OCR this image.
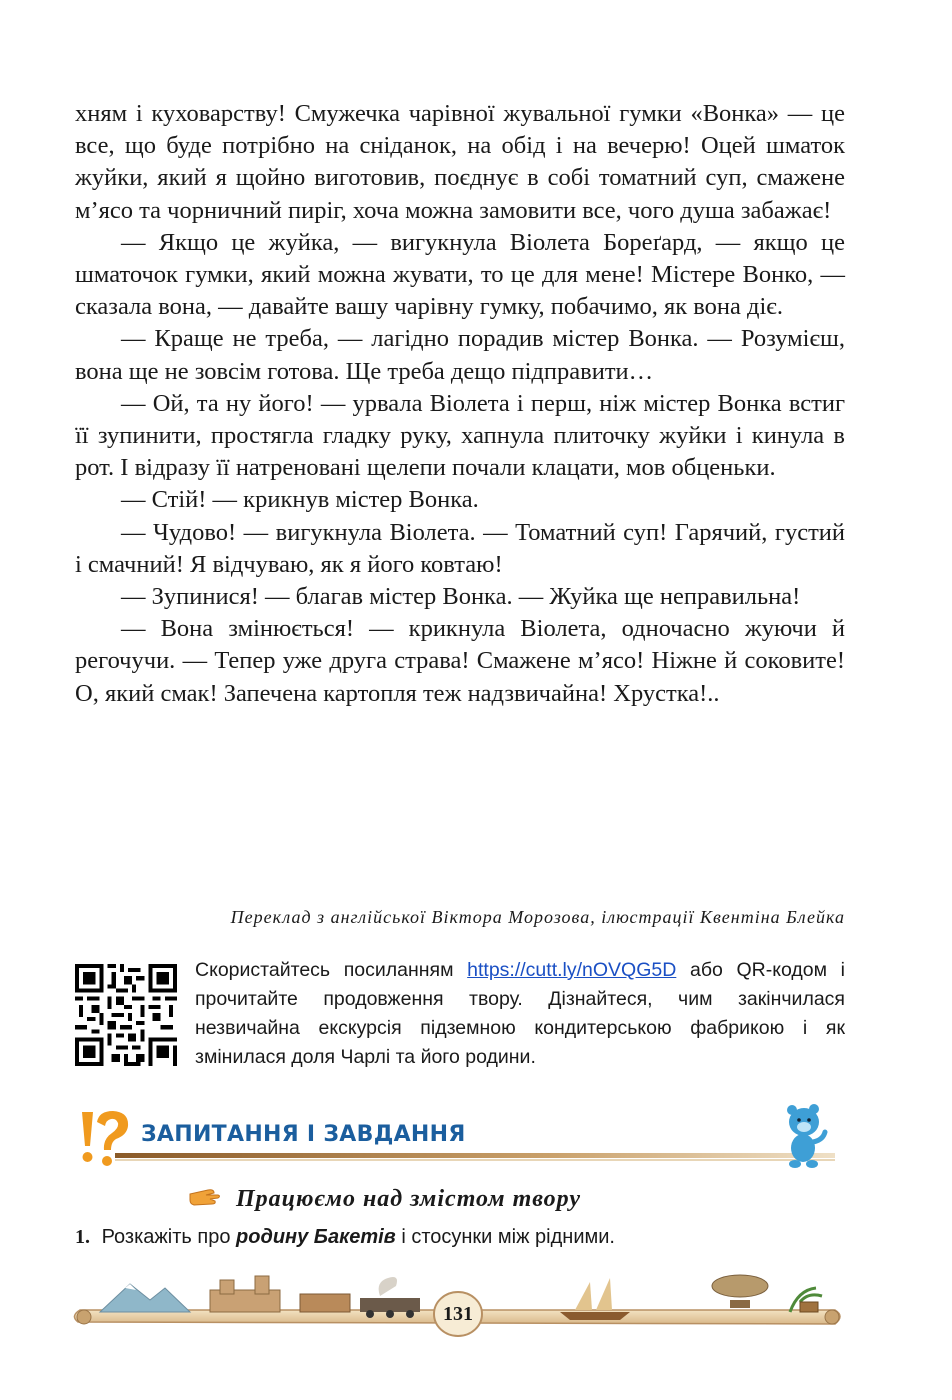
хням і куховарству! Смужечка чарівної жувальної гумки «Вонка» — це все, що буде потрібно на сніданок, на обід і на вечерю! Оцей шматок жуйки, який я щойно виготовив, поєднує в собі томатний суп, смажене м’ясо та чорничний пиріг, хоча можна замовити все, чого душа забажає!

— Якщо це жуйка, — вигукнула Віолета Бореґард, — якщо це шматочок гумки, який можна жувати, то це для мене! Містере Вонко, — сказала вона, — давайте вашу чарівну гумку, побачимо, як вона діє.

— Краще не треба, — лагідно порадив містер Вонка. — Розумієш, вона ще не зовсім готова. Ще треба дещо підправити…

— Ой, та ну його! — урвала Віолета і перш, ніж містер Вонка встиг її зупинити, простягла гладку руку, хапнула плиточку жуйки і кинула в рот. І відразу її натреновані щелепи почали клацати, мов обценьки.

— Стій! — крикнув містер Вонка.

— Чудово! — вигукнула Віолета. — Томатний суп! Гарячий, густий і смачний! Я відчуваю, як я його ковтаю!

— Зупинися! — благав містер Вонка. — Жуйка ще неправильна!

— Вона змінюється! — крикнула Віолета, одночасно жуючи й регочучи. — Тепер уже друга страва! Смажене м’ясо! Ніжне й соковите! О, який смак! Запечена картопля теж надзвичайна! Хрустка!..

Переклад з англійської Віктора Морозова, ілюстрації Квентіна Блейка
Скористайтесь посиланням https://cutt.ly/nOVQG5D або QR-кодом і прочитайте продовження твору. Дізнайтеся, чим закінчилася незвичайна екскурсія підземною кондитерською фабрикою і як змінилася доля Чарлі та його родини.
ЗАПИТАННЯ І ЗАВДАННЯ
Працюємо над змістом твору
1. Розкажіть про родину Бакетів і стосунки між рідними.
131
